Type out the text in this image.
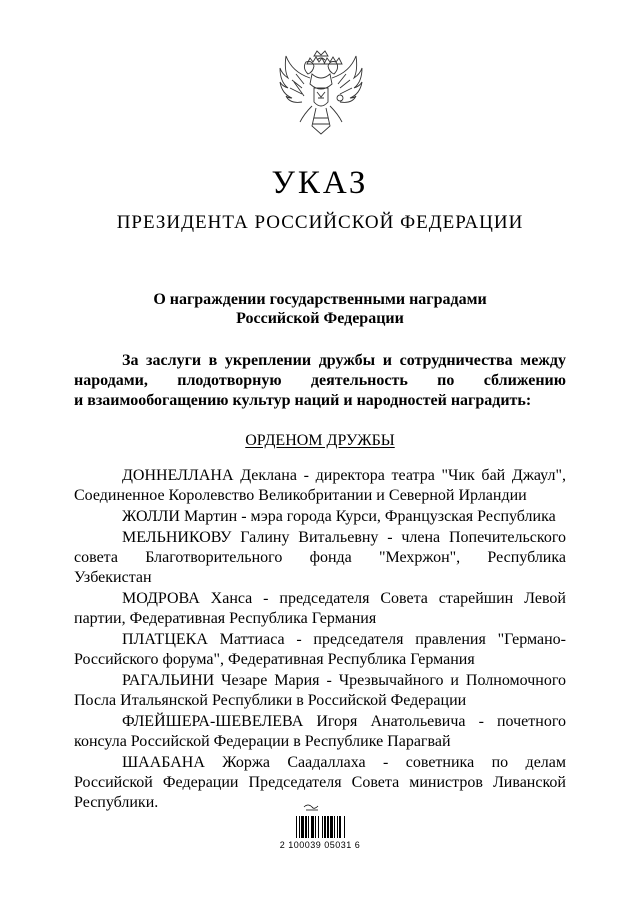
УКАЗ
ПРЕЗИДЕНТА РОССИЙСКОЙ ФЕДЕРАЦИИ
О награждении государственными наградами
Российской Федерации

За заслуги в укреплении дружбы и сотрудничества между

народами, плодотворную деятельность по сближению

и взаимообогащению культур наций и народностей наградить:

ОРДЕНОМ ДРУЖБЫ
ДОННЕЛЛАНА Деклана - директора театра "Чик бай Джаул",
Соединенное Королевство Великобритании и Северной Ирландии
ЖОЛЛИ Мартин - мэра города Курси, Французская Республика
МЕЛЬНИКОВУ Галину Витальевну - члена Попечительского
совета Благотворительного фонда "Мехржон", Республика
Узбекистан
МОДРОВА Ханса - председателя Совета старейшин Левой
партии, Федеративная Республика Германия
ПЛАТЦЕКА Маттиаса - председателя правления "Германо-
Российского форума", Федеративная Республика Германия
РАГАЛЬИНИ Чезаре Мария - Чрезвычайного и Полномочного
Посла Итальянской Республики в Российской Федерации
ФЛЕЙШЕРА-ШЕВЕЛЕВА Игоря Анатольевича - почетного
консула Российской Федерации в Республике Парагвай
ШААБАНА Жоржа Саадаллаха - советника по делам
Российской Федерации Председателя Совета министров Ливанской
Республики.
2 100039 05031 6
